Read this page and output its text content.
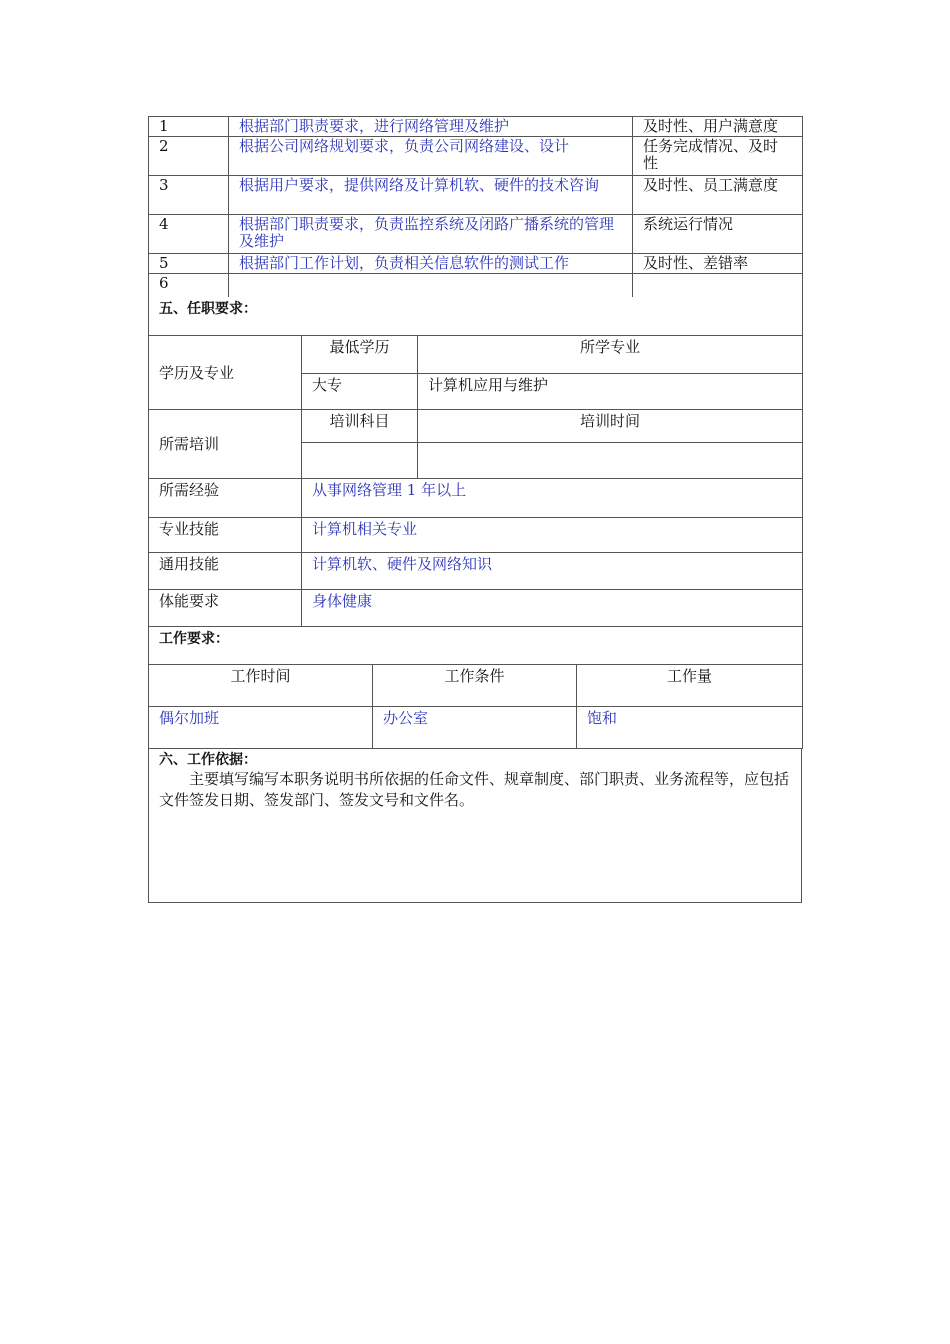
1	根据部门职责要求，进行网络管理及维护	及时性、用户满意度
2	根据公司网络规划要求，负责公司网络建设、设计	任务完成情况、及时性
3	根据用户要求，提供网络及计算机软、硬件的技术咨询	及时性、员工满意度
4	根据部门职责要求，负责监控系统及闭路广播系统的管理及维护	系统运行情况
5	根据部门工作计划，负责相关信息软件的测试工作	及时性、差错率
6		
五、任职要求：		
学历及专业	最低学历	所学专业
	大专	计算机应用与维护
所需培训	培训科目	培训时间

所需经验	从事网络管理 1 年以上	
专业技能	计算机相关专业	
通用技能	计算机软、硬件及网络知识	
体能要求	身体健康	
工作要求：		
工作时间	工作条件	工作量
偶尔加班	办公室	饱和
六、工作依据：
主要填写编写本职务说明书所依据的任命文件、规章制度、部门职责、业务流程等，应包括文件签发日期、签发部门、签发文号和文件名。
